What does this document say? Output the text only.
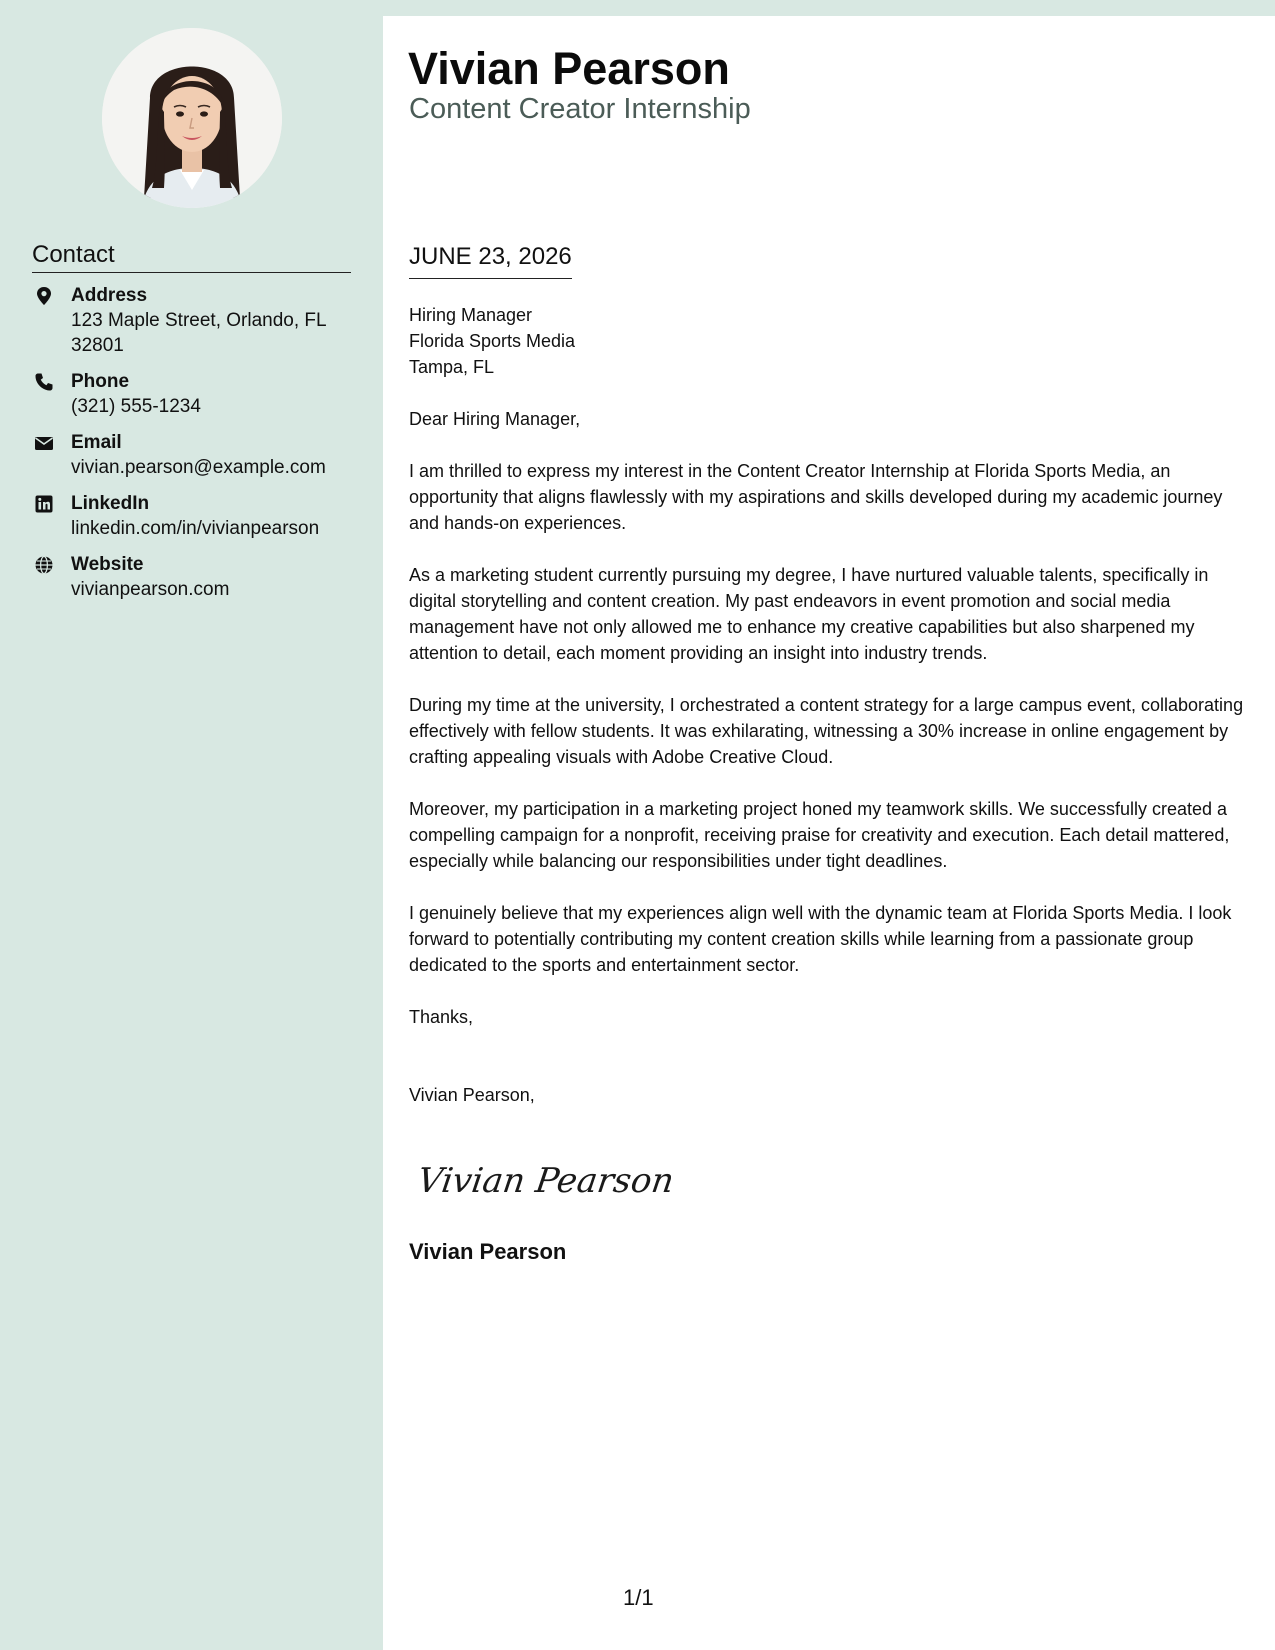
Contact
Address
123 Maple Street, Orlando, FL 32801
Phone
(321) 555-1234
Email
vivian.pearson@example.com
LinkedIn
linkedin.com/in/vivianpearson
Website
vivianpearson.com
Vivian Pearson
Content Creator Internship
JUNE 23, 2026

Hiring Manager

Florida Sports Media

Tampa, FL

Dear Hiring Manager,

I am thrilled to express my interest in the Content Creator Internship at Florida Sports Media, an opportunity that aligns flawlessly with my aspirations and skills developed during my academic journey and hands-on experiences.

As a marketing student currently pursuing my degree, I have nurtured valuable talents, specifically in digital storytelling and content creation. My past endeavors in event promotion and social media management have not only allowed me to enhance my creative capabilities but also sharpened my attention to detail, each moment providing an insight into industry trends.

During my time at the university, I orchestrated a content strategy for a large campus event, collaborating effectively with fellow students. It was exhilarating, witnessing a 30% increase in online engagement by crafting appealing visuals with Adobe Creative Cloud.

Moreover, my participation in a marketing project honed my teamwork skills. We successfully created a compelling campaign for a nonprofit, receiving praise for creativity and execution. Each detail mattered, especially while balancing our responsibilities under tight deadlines.

I genuinely believe that my experiences align well with the dynamic team at Florida Sports Media. I look forward to potentially contributing my content creation skills while learning from a passionate group dedicated to the sports and entertainment sector.

Thanks,

Vivian Pearson,

Vivian Pearson
Vivian Pearson
1/1
